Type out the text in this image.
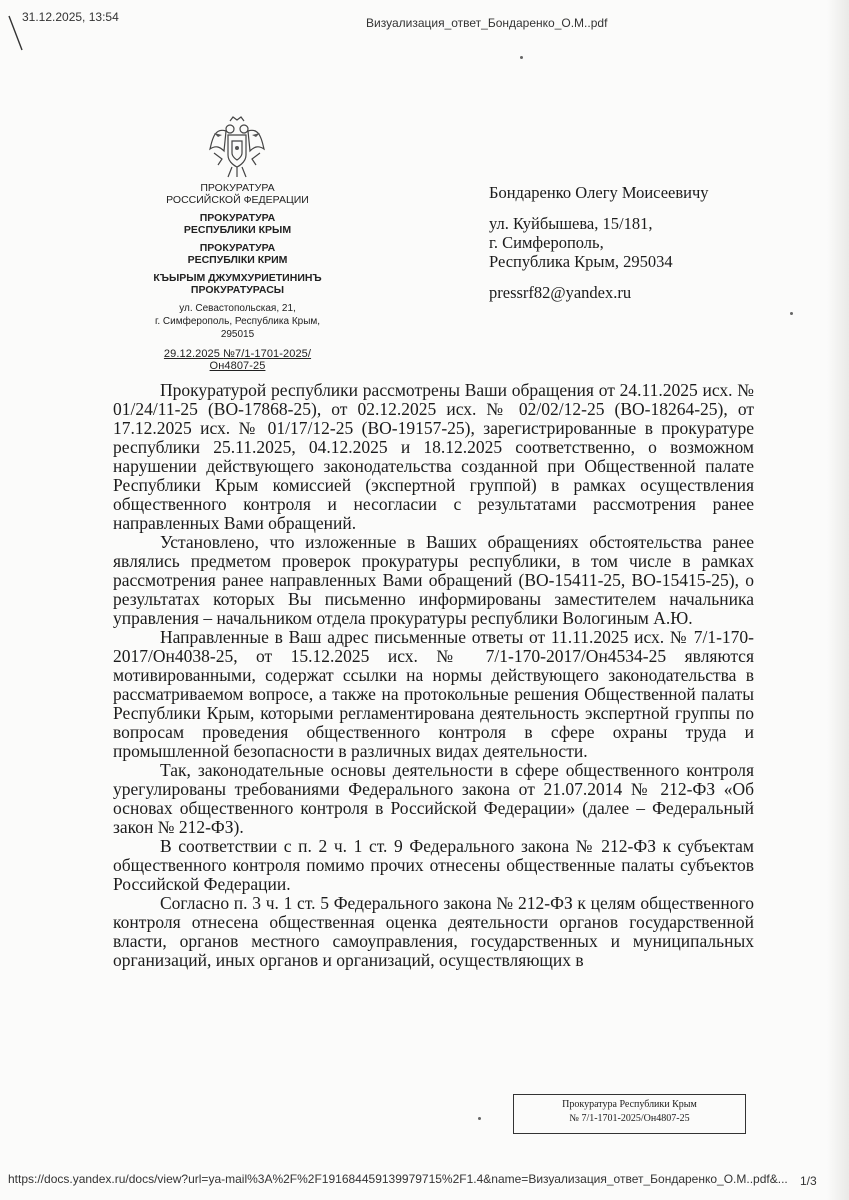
31.12.2025, 13:54	Визуализация_ответ_Бондаренко_О.М..pdf
ПРОКУРАТУРА
РОССИЙСКОЙ ФЕДЕРАЦИИ
ПРОКУРАТУРА
РЕСПУБЛИКИ КРЫМ
ПРОКУРАТУРА
РЕСПУБЛІКИ КРИМ
КЪЫРЫМ ДЖУМХУРИЕТИНИНЪ
ПРОКУРАТУРАСЫ
ул. Севастопольская, 21,
г. Симферополь, Республика Крым, 295015
29.12.2025 №7/1-1701-2025/Он4807-25
Бондаренко Олегу Моисеевичу
ул. Куйбышева, 15/181,
г. Симферополь,
Республика Крым, 295034
pressrf82@yandex.ru

Прокуратурой республики рассмотрены Ваши обращения от 24.11.2025 исх. № 01/24/11-25 (ВО-17868-25), от 02.12.2025 исх. № 02/02/12-25 (ВО-18264-25), от 17.12.2025 исх. № 01/17/12-25 (ВО-19157-25), зарегистрированные в прокуратуре республики 25.11.2025, 04.12.2025 и 18.12.2025 соответственно, о возможном нарушении действующего законодательства созданной при Общественной палате Республики Крым комиссией (экспертной группой) в рамках осуществления общественного контроля и несогласии с результатами рассмотрения ранее направленных Вами обращений.

Установлено, что изложенные в Ваших обращениях обстоятельства ранее являлись предметом проверок прокуратуры республики, в том числе в рамках рассмотрения ранее направленных Вами обращений (ВО-15411-25, ВО-15415-25), о результатах которых Вы письменно информированы заместителем начальника управления – начальником отдела прокуратуры республики Вологиным А.Ю.

Направленные в Ваш адрес письменные ответы от 11.11.2025 исх. № 7/1-170-2017/Он4038-25, от 15.12.2025 исх. № 7/1-170-2017/Он4534-25 являются мотивированными, содержат ссылки на нормы действующего законодательства в рассматриваемом вопросе, а также на протокольные решения Общественной палаты Республики Крым, которыми регламентирована деятельность экспертной группы по вопросам проведения общественного контроля в сфере охраны труда и промышленной безопасности в различных видах деятельности.

Так, законодательные основы деятельности в сфере общественного контроля урегулированы требованиями Федерального закона от 21.07.2014 № 212-ФЗ «Об основах общественного контроля в Российской Федерации» (далее – Федеральный закон № 212-ФЗ).

В соответствии с п. 2 ч. 1 ст. 9 Федерального закона № 212-ФЗ к субъектам общественного контроля помимо прочих отнесены общественные палаты субъектов Российской Федерации.

Согласно п. 3 ч. 1 ст. 5 Федерального закона № 212-ФЗ к целям общественного контроля отнесена общественная оценка деятельности органов государственной власти, органов местного самоуправления, государственных и муниципальных организаций, иных органов и организаций, осуществляющих в

Прокуратура Республики Крым
№ 7/1-1701-2025/Он4807-25
https://docs.yandex.ru/docs/view?url=ya-mail%3A%2F%2F191684459139979715%2F1.4&name=Визуализация_ответ_Бондаренко_О.М..pdf&... 1/3
